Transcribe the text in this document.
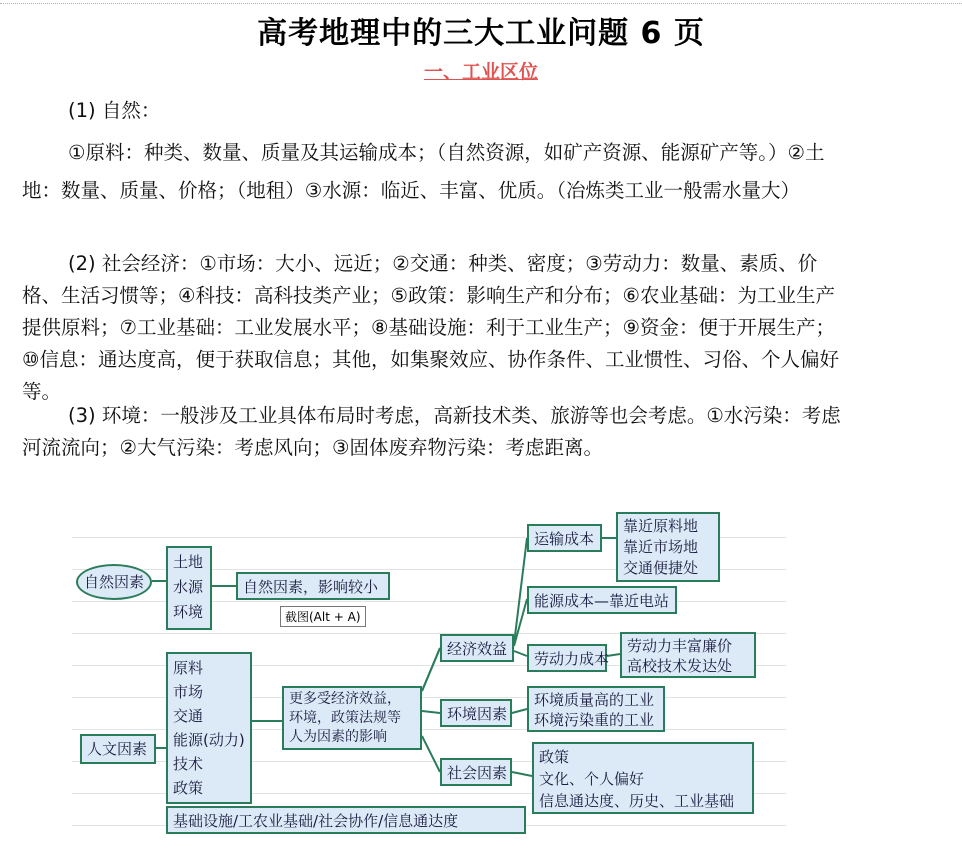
高考地理中的三大工业问题 6 页
一、工业区位
(1) 自然：
①原料：种类、数量、质量及其运输成本；（自然资源，如矿产资源、能源矿产等。）②土地：数量、质量、价格；（地租）③水源：临近、丰富、优质。（冶炼类工业一般需水量大）
(2) 社会经济：①市场：大小、远近；②交通：种类、密度；③劳动力：数量、素质、价格、生活习惯等；④科技：高科技类产业；⑤政策：影响生产和分布；⑥农业基础：为工业生产提供原料；⑦工业基础：工业发展水平；⑧基础设施：利于工业生产；⑨资金：便于开展生产；⑩信息：通达度高，便于获取信息；其他，如集聚效应、协作条件、工业惯性、习俗、个人偏好等。
(3) 环境：一般涉及工业具体布局时考虑，高新技术类、旅游等也会考虑。①水污染：考虑河流流向；②大气污染：考虑风向；③固体废弃物污染：考虑距离。
自然因素
土地
水源
环境
自然因素，影响较小
截图(Alt + A)
人文因素
原料
市场
交通
能源(动力)
技术
政策
更多受经济效益，
环境，政策法规等
人为因素的影响
经济效益
环境因素
社会因素
运输成本
靠近原料地
靠近市场地
交通便捷处
能源成本—靠近电站
劳动力成本
劳动力丰富廉价
高校技术发达处
环境质量高的工业
环境污染重的工业
政策
文化、个人偏好
信息通达度、历史、工业基础
基础设施/工农业基础/社会协作/信息通达度
